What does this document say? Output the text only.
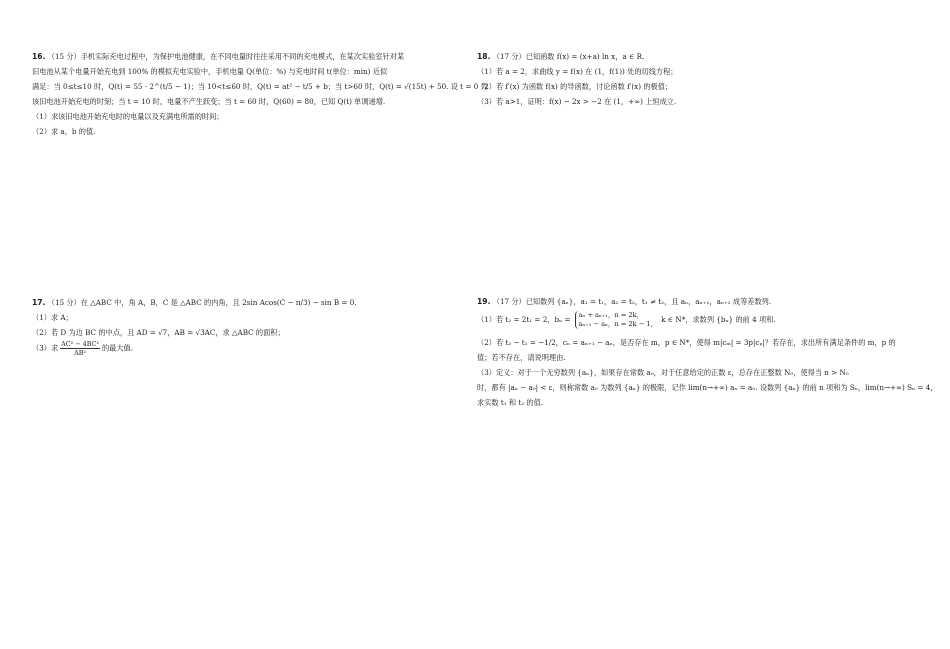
16. （15 分）手机实际充电过程中，为保护电池健康，在不同电量时往往采用不同的充电模式，在某次实验室针对某

旧电池从某个电量开始充电到 100% 的模拟充电实验中，手机电量 Q(单位：%) 与充电时间 t(单位：min) 近似

满足：当 0≤t≤10 时，Q(t) = 55 · 2^(t/5 − 1)；当 10<t≤60 时，Q(t) = at² − t/5 + b；当 t>60 时，Q(t) = √(15t) + 50. 设 t = 0 为

该旧电池开始充电的时刻；当 t = 10 时，电量不产生跃变；当 t = 60 时，Q(60) = 80，已知 Q(t) 单调递增.

（1）求该旧电池开始充电时的电量以及充满电所需的时间；

（2）求 a，b 的值.

18. （17 分）已知函数 f(x) = (x+a) ln x，a ∈ R.

（1）若 a = 2，求曲线 y = f(x) 在 (1，f(1)) 处的切线方程；

（2）若 f′(x) 为函数 f(x) 的导函数，讨论函数 f′(x) 的极值；

（3）若 a>1，证明：f(x) − 2x > −2 在 (1，+∞) 上恒成立.

17. （15 分）在 △ABC 中，角 A，B，C 是 △ABC 的内角，且 2sin Acos(C − π/3) − sin B = 0.

（1）求 A；

（2）若 D 为边 BC 的中点，且 AD = √7，AB = √3AC，求 △ABC 的面积；

（3）求 $\frac{\text{AC² − 4BC²}}{\text{AB²}}$ 的最大值.

19. （17 分）已知数列 {aₙ}，a₁ = t₁，a₂ = t₂，t₁ ≠ t₂，且 aₙ，aₙ₊₁，aₙ₊₂ 成等差数列.

（1）若 t₂ = 2t₁ = 2，bₙ = aₙ + aₙ₊₁，n = 2k，
aₙ₊₁ − aₙ，n = 2k − 1， k ∈ N*，求数列 {bₙ} 的前 4 项和.

（2）若 t₂ − t₁ = −1/2，cₙ = aₙ₊₁ − aₙ，是否存在 m，p ∈ N*，使得 m|cₘ| = 3p|cₚ|？若存在，求出所有满足条件的 m，p 的

值；若不存在，请说明理由.

（3）定义：对于一个无穷数列 {aₙ}，如果存在常数 a₀，对于任意给定的正数 ε，总存在正整数 N₀，使得当 n > N₀

时，都有 |aₙ − a₀| < ε，则称常数 a₀ 为数列 {aₙ} 的极限，记作 lim(n→+∞) aₙ = a₀. 设数列 {aₙ} 的前 n 项和为 Sₙ，lim(n→+∞) Sₙ = 4，

求实数 t₁ 和 t₂ 的值.
